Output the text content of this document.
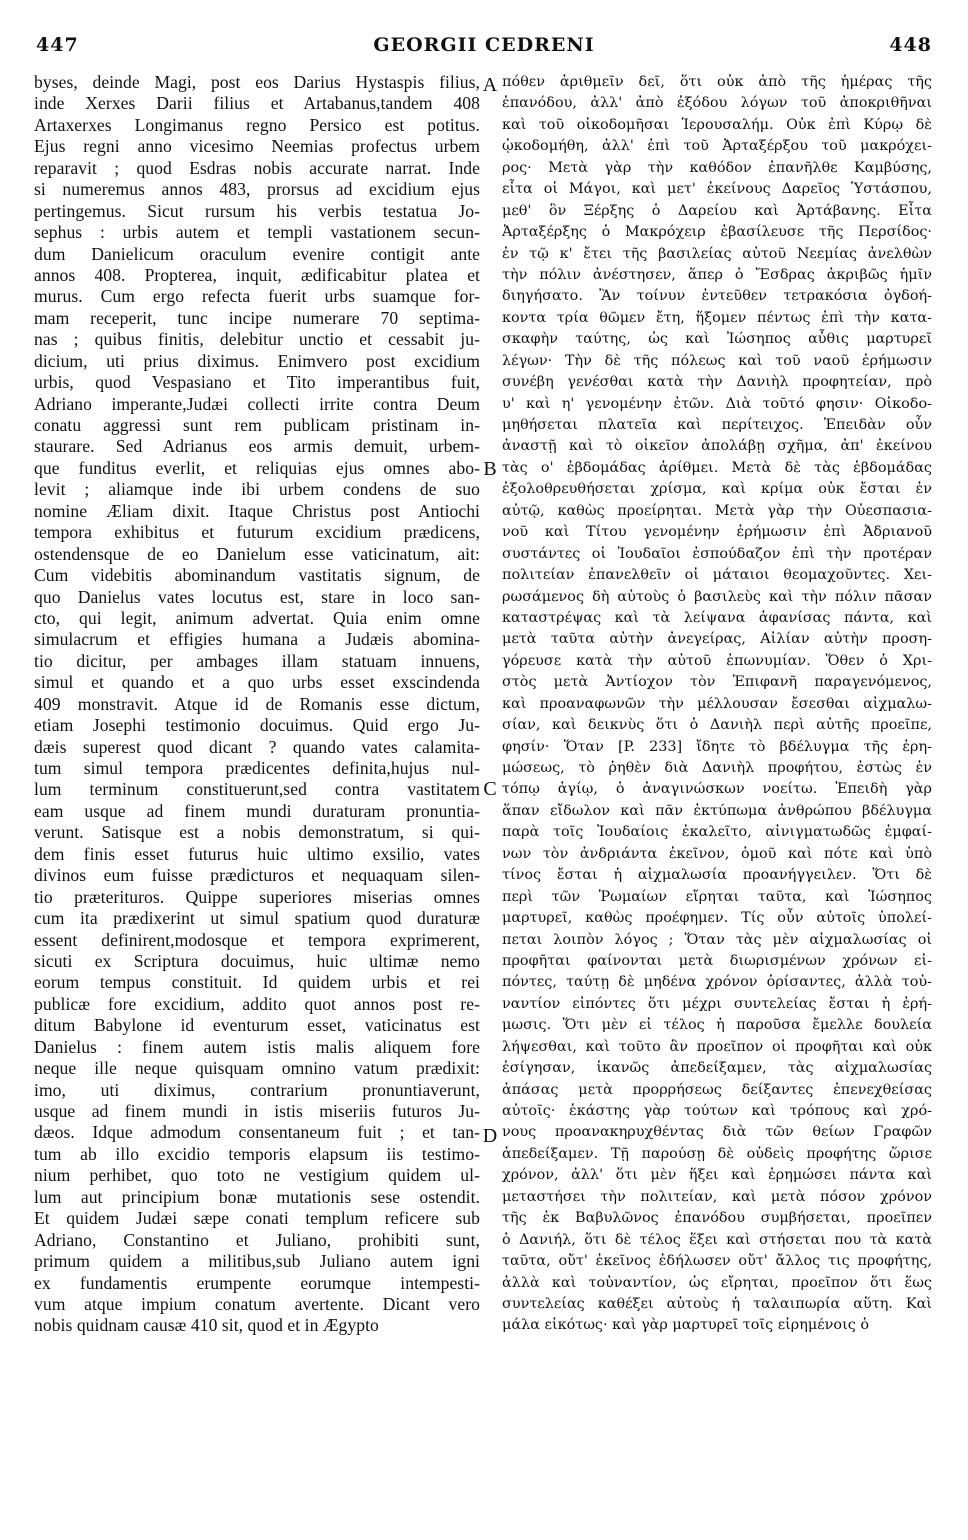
447	GEORGII CEDRENI	448
byses, deinde Magi, post eos Darius Hystaspis filius,
inde Xerxes Darii filius et Artabanus,tandem 408
Artaxerxes Longimanus regno Persico est potitus.
Ejus regni anno vicesimo Neemias profectus urbem
reparavit ; quod Esdras nobis accurate narrat. Inde
si numeremus annos 483, prorsus ad excidium ejus
pertingemus. Sicut rursum his verbis testatua Jo-
sephus : urbis autem et templi vastationem secun-
dum Danielicum oraculum evenire contigit ante
annos 408. Propterea, inquit, ædificabitur platea et
murus. Cum ergo refecta fuerit urbs suamque for-
mam receperit, tunc incipe numerare 70 septima-
nas ; quibus finitis, delebitur unctio et cessabit ju-
dicium, uti prius diximus. Enimvero post excidium
urbis, quod Vespasiano et Tito imperantibus fuit,
Adriano imperante,Judæi collecti irrite contra Deum
conatu aggressi sunt rem publicam pristinam in-
staurare. Sed Adrianus eos armis demuit, urbem-
que funditus everlit, et reliquias ejus omnes abo-
levit ; aliamque inde ibi urbem condens de suo
nomine Æliam dixit. Itaque Christus post Antiochi
tempora exhibitus et futurum excidium prædicens,
ostendensque de eo Danielum esse vaticinatum, ait:
Cum videbitis abominandum vastitatis signum, de
quo Danielus vates locutus est, stare in loco san-
cto, qui legit, animum advertat. Quia enim omne
simulacrum et effigies humana a Judæis abomina-
tio dicitur, per ambages illam statuam innuens,
simul et quando et a quo urbs esset exscindenda
409 monstravit. Atque id de Romanis esse dictum,
etiam Josephi testimonio docuimus. Quid ergo Ju-
dæis superest quod dicant ? quando vates calamita-
tum simul tempora prædicentes definita,hujus nul-
lum terminum constituerunt,sed contra vastitatem
eam usque ad finem mundi duraturam pronuntia-
verunt. Satisque est a nobis demonstratum, si qui-
dem finis esset futurus huic ultimo exsilio, vates
divinos eum fuisse prædicturos et nequaquam silen-
tio præterituros. Quippe superiores miserias omnes
cum ita prædixerint ut simul spatium quod duraturæ
essent definirent,modosque et tempora exprimerent,
sicuti ex Scriptura docuimus, huic ultimæ nemo
eorum tempus constituit. Id quidem urbis et rei
publicæ fore excidium, addito quot annos post re-
ditum Babylone id eventurum esset, vaticinatus est
Danielus : finem autem istis malis aliquem fore
neque ille neque quisquam omnino vatum prædixit:
imo, uti diximus, contrarium pronuntiaverunt,
usque ad finem mundi in istis miseriis futuros Ju-
dæos. Idque admodum consentaneum fuit ; et tan-
tum ab illo excidio temporis elapsum iis testimo-
nium perhibet, quo toto ne vestigium quidem ul-
lum aut principium bonæ mutationis sese ostendit.
Et quidem Judæi sæpe conati templum reficere sub
Adriano, Constantino et Juliano, prohibiti sunt,
primum quidem a militibus,sub Juliano autem igni
ex fundamentis erumpente eorumque intempesti-
vum atque impium conatum avertente. Dicant vero
nobis quidnam causæ 410 sit, quod et in Ægypto
πόθεν ἀριθμεῖν δεῖ, ὅτι οὐκ ἀπὸ τῆς ἡμέρας τῆς
ἐπανόδου, ἀλλ' ἀπὸ ἐξόδου λόγων τοῦ ἀποκριθῆναι
καὶ τοῦ οἰκοδομῆσαι Ἱερουσαλήμ. Οὐκ ἐπὶ Κύρῳ δὲ
ᾠκοδομήθη, ἀλλ' ἐπὶ τοῦ Ἀρταξέρξου τοῦ μακρόχει-
ρος· Μετὰ γὰρ τὴν καθόδον ἐπανῆλθε Καμβύσης,
εἶτα οἱ Μάγοι, καὶ μετ' ἐκείνους Δαρεῖος Ὑστάσπου,
μεθ' ὃν Ξέρξης ὁ Δαρείου καὶ Ἀρτάβανης. Εἶτα
Ἀρταξέρξης ὁ Μακρόχειρ ἐβασίλευσε τῆς Περσίδος·
ἐν τῷ κ' ἔτει τῆς βασιλείας αὐτοῦ Νεεμίας ἀνελθὼν
τὴν πόλιν ἀνέστησεν, ἅπερ ὁ Ἔσδρας ἀκριβῶς ἡμῖν
διηγήσατο. Ἂν τοίνυν ἐντεῦθεν τετρακόσια ὀγδοή-
κοντα τρία θῶμεν ἔτη, ἥξομεν πέντως ἐπὶ τὴν κατα-
σκαφὴν ταύτης, ὡς καὶ Ἰώσηπος αὖθις μαρτυρεῖ
λέγων· Τὴν δὲ τῆς πόλεως καὶ τοῦ ναοῦ ἐρήμωσιν
συνέβη γενέσθαι κατὰ τὴν Δανιὴλ προφητείαν, πρὸ
υ' καὶ η' γενομένην ἐτῶν. Διὰ τοῦτό φησιν· Οἰκοδο-
μηθήσεται πλατεῖα καὶ περίτειχος. Ἐπειδὰν οὖν
ἀναστῇ καὶ τὸ οἰκεῖον ἀπολάβῃ σχῆμα, ἀπ' ἐκείνου
τὰς ο' ἑβδομάδας ἀρίθμει. Μετὰ δὲ τὰς ἑβδομάδας
ἐξολοθρευθήσεται χρίσμα, καὶ κρίμα οὐκ ἔσται ἐν
αὐτῷ, καθὼς προείρηται. Μετὰ γὰρ τὴν Οὐεσπασια-
νοῦ καὶ Τίτου γενομένην ἐρήμωσιν ἐπὶ Ἀδριανοῦ
συστάντες οἱ Ἰουδαῖοι ἐσπούδαζον ἐπὶ τὴν προτέραν
πολιτείαν ἐπανελθεῖν οἱ μάταιοι θεομαχοῦντες. Χει-
ρωσάμενος δὴ αὐτοὺς ὁ βασιλεὺς καὶ τὴν πόλιν πᾶσαν
καταστρέψας καὶ τὰ λείψανα ἀφανίσας πάντα, καὶ
μετὰ ταῦτα αὐτὴν ἀνεγείρας, Αἰλίαν αὐτὴν προση-
γόρευσε κατὰ τὴν αὐτοῦ ἐπωνυμίαν. Ὅθεν ὁ Χρι-
στὸς μετὰ Ἀντίοχον τὸν Ἐπιφανῆ παραγενόμενος,
καὶ προαναφωνῶν τὴν μέλλουσαν ἔσεσθαι αἰχμαλω-
σίαν, καὶ δεικνὺς ὅτι ὁ Δανιὴλ περὶ αὐτῆς προεῖπε,
φησίν· Ὅταν [P. 233] ἴδητε τὸ βδέλυγμα τῆς ἐρη-
μώσεως, τὸ ῥηθὲν διὰ Δανιὴλ προφήτου, ἑστὼς ἐν
τόπῳ ἁγίῳ, ὁ ἀναγινώσκων νοείτω. Ἐπειδὴ γὰρ
ἅπαν εἴδωλον καὶ πᾶν ἐκτύπωμα ἀνθρώπου βδέλυγμα
παρὰ τοῖς Ἰουδαίοις ἐκαλεῖτο, αἰνιγματωδῶς ἐμφαί-
νων τὸν ἀνδριάντα ἐκεῖνον, ὁμοῦ καὶ πότε καὶ ὑπὸ
τίνος ἔσται ἡ αἰχμαλωσία προανήγγειλεν. Ὅτι δὲ
περὶ τῶν Ῥωμαίων εἴρηται ταῦτα, καὶ Ἰώσηπος
μαρτυρεῖ, καθὼς προέφημεν. Τίς οὖν αὐτοῖς ὑπολεί-
πεται λοιπὸν λόγος ; Ὅταν τὰς μὲν αἰχμαλωσίας οἱ
προφῆται φαίνονται μετὰ διωρισμένων χρόνων εἰ-
πόντες, ταύτῃ δὲ μηδένα χρόνον ὁρίσαντες, ἀλλὰ τοὐ-
ναντίον εἰπόντες ὅτι μέχρι συντελείας ἔσται ἡ ἐρή-
μωσις. Ὅτι μὲν εἰ τέλος ἡ παροῦσα ἔμελλε δουλεία
λήψεσθαι, καὶ τοῦτο ἂν προεῖπον οἱ προφῆται καὶ οὐκ
ἐσίγησαν, ἱκανῶς ἀπεδείξαμεν, τὰς αἰχμαλωσίας
ἁπάσας μετὰ προρρήσεως δείξαντες ἐπενεχθείσας
αὐτοῖς· ἑκάστης γὰρ τούτων καὶ τρόπους καὶ χρό-
νους προανακηρυχθέντας διὰ τῶν θείων Γραφῶν
ἀπεδείξαμεν. Τῇ παρούσῃ δὲ οὐδεὶς προφήτης ὥρισε
χρόνον, ἀλλ' ὅτι μὲν ἥξει καὶ ἐρημώσει πάντα καὶ
μεταστήσει τὴν πολιτείαν, καὶ μετὰ πόσον χρόνον
τῆς ἐκ Βαβυλῶνος ἐπανόδου συμβήσεται, προεῖπεν
ὁ Δανιήλ, ὅτι δὲ τέλος ἕξει καὶ στήσεται που τὰ κατὰ
ταῦτα, οὔτ' ἐκεῖνος ἐδήλωσεν οὔτ' ἄλλος τις προφήτης,
ἀλλὰ καὶ τοὐναντίον, ὡς εἴρηται, προεῖπον ὅτι ἕως
συντελείας καθέξει αὐτοὺς ἡ ταλαιπωρία αὕτη. Καὶ
μάλα εἰκότως· καὶ γὰρ μαρτυρεῖ τοῖς εἰρημένοις ὁ
A
B
C
D
